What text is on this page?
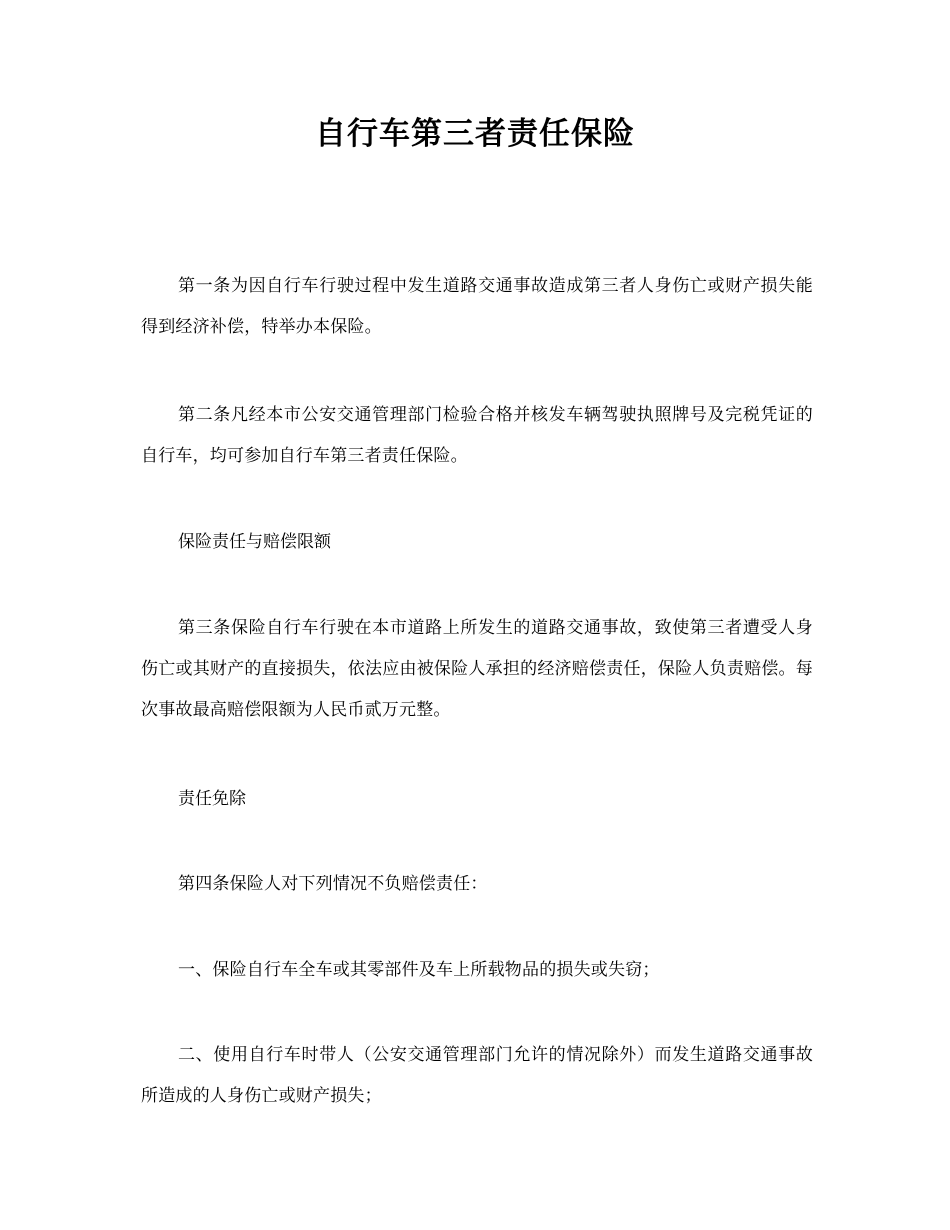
自行车第三者责任保险

第一条为因自行车行驶过程中发生道路交通事故造成第三者人身伤亡或财产损失能得到经济补偿，特举办本保险。

第二条凡经本市公安交通管理部门检验合格并核发车辆驾驶执照牌号及完税凭证的自行车，均可参加自行车第三者责任保险。

保险责任与赔偿限额

第三条保险自行车行驶在本市道路上所发生的道路交通事故，致使第三者遭受人身伤亡或其财产的直接损失，依法应由被保险人承担的经济赔偿责任，保险人负责赔偿。每次事故最高赔偿限额为人民币贰万元整。

责任免除

第四条保险人对下列情况不负赔偿责任：

一、保险自行车全车或其零部件及车上所载物品的损失或失窃；

二、使用自行车时带人（公安交通管理部门允许的情况除外）而发生道路交通事故所造成的人身伤亡或财产损失；
